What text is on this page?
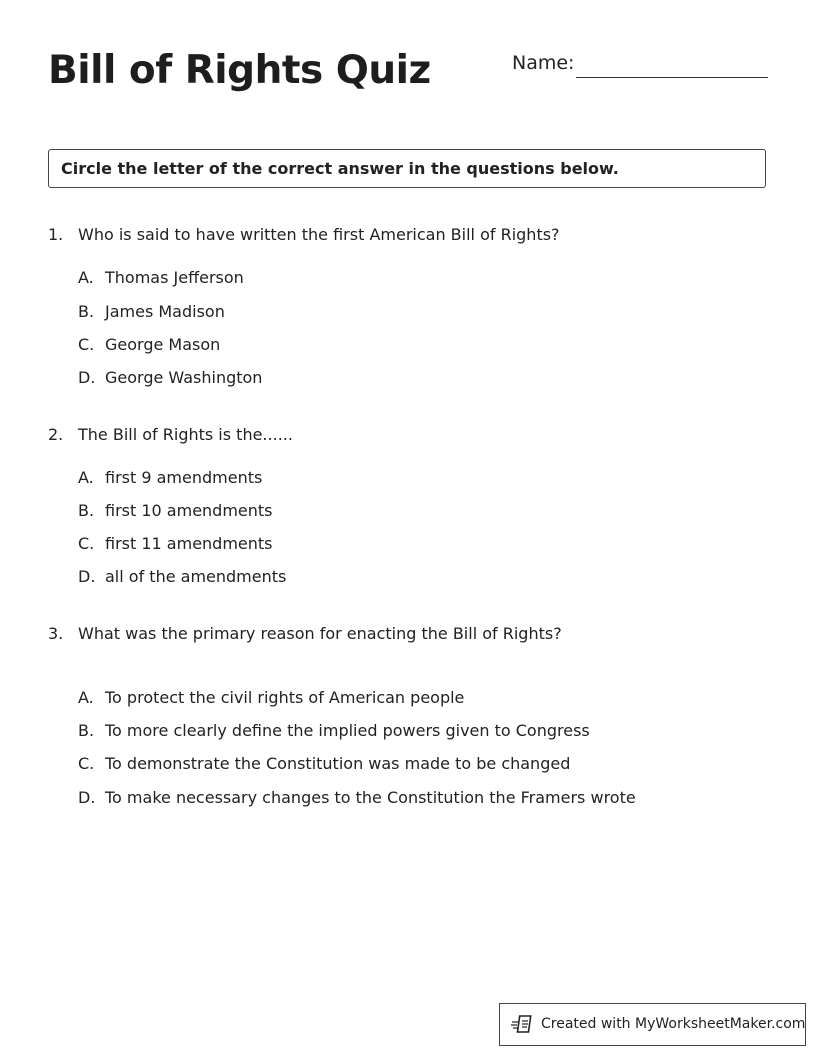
Bill of Rights Quiz	Name:
Circle the letter of the correct answer in the questions below.
1. Who is said to have written the first American Bill of Rights?
A. Thomas Jefferson
B. James Madison
C. George Mason
D. George Washington
2. The Bill of Rights is the......
A. first 9 amendments
B. first 10 amendments
C. first 11 amendments
D. all of the amendments
3. What was the primary reason for enacting the Bill of Rights?
A. To protect the civil rights of American people
B. To more clearly define the implied powers given to Congress
C. To demonstrate the Constitution was made to be changed
D. To make necessary changes to the Constitution the Framers wrote
Created with MyWorksheetMaker.com
